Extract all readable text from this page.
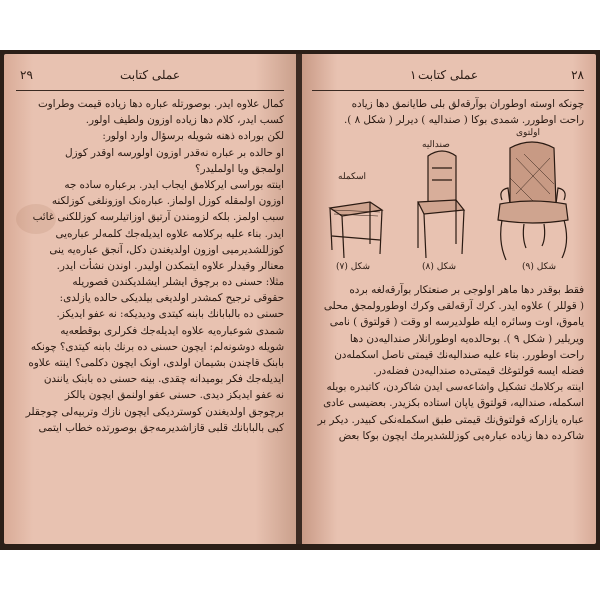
۲۹	عملی کتابت
کمال علاوه ایدر. بوصورتله عباره دها زیاده قیمت وطراوت
کسب ایدر، کلام دها زیاده اوزون ولطیف اولور.
لکن بوراده ذهنه شویله برسؤال وارد اولور:
او حالده بر عباره نه‌قدر اوزون اولورسه اوقدر کوزل
اولمجق ویا اولملیدر؟
اینته بوراسی ایرکلامق ایجاب ایدر. برعباره ساده جه
اوزون اولمقله کوزل اولماز. عباره‌نک اوزونلغی کوزلکنه
سبب اولمز. بلکه لزومندن آرتیق اوزاتیلرسه کوزللکنی غائب
ایدر. بناء علیه برکلامه علاوه ایدیله‌جك کلمه‌لر عباره‌یی
کوزللشدیرمیی اوزون اولدیغندن دکل، آنجق عباره‌یه ینی
معنالر وقیدلر علاوه ایتمکدن اولیدر. اوندن نشأت ایدر.
مثلا: حسنی ده برچوق ایشلر ایشلدیکندن قصوریله
حقوقی ترجیح کمشدر اولدیغی بیلدیکی حالده یازلدی:
حسنی ده بالبابانك بابنه کیتدی ودیدیکه: نه عفو ایدیکز.
شمدی شوعباره‌یه علاوه ایدیله‌جك فکرلری بوقطعه‌یه
شویله دوشونه‌لم: ایچون حسنی ده برنك بابنه کیتدی؟ چونکه
بابنک قاچندن بشیمان اولدی، اونک ایچون دکلمی؟ اینته علاوه
ایدیله‌جك فکر بومیدانه چقدی. بینه حسنی ده بابنک یانندن
نه عفو ایدیکز دیدی. حسنی عفو اولنمق ایچون یالکز
برچوجق اولدیغندن کوستردیکی ایچون نازك وتربیه‌لی چوجقلر
کبی بالبابانك قلبی قازاشدیرمه‌جق بوصورتده خطاب ایتمی
۱ عملی کتابت	۲۸
چونکه اوسته اوطوران بوآرقه‌لق بلی طایانمق دها زیاده
راحت اوطورر. شمدی بوکا ( صندالیه ) دیرلر ( شکل ۸ ).
اسکمله
صندالیه
اولتوی
شکل (۷)	شکل (۸)	شکل (۹)
فقط بوقدر دها ماهر اولوجی بر صنعتکار بوآرقه‌لغه برده
( قوللر ) علاوه ایدر. کرك آرقه‌لقی وکرك اوطورولمجق محلی
یاموق، اوت وسائره ایله طولدیرسه او وقت ( قولتوق ) نامی
ویریلیر ( شکل ۹ ). بوحالده‌یه اوطورانلار صندالیه‌دن دها
راحت اوطورر. بناء علیه صندالیه‌نك قیمتی ناصل اسکمله‌دن
فضله ایسه قولتوغك قیمتی‌ده صندالیه‌دن فضله‌در.
اینته برکلامك تشکیل واشاعه‌سی ایدن شاکردن، کاتبدره بویله
اسکمله، صندالیه، قولتوق یاپان استاده بکزیدر. بعضیسی عادی
عباره یازارکه قولتوق‌نك قیمتی طبق اسکمله‌نکی کبیدر. دیکر بر
شاکرده دها زیاده عبارہ‌یی کوزللشدیرمك ایچون بوکا بعض
